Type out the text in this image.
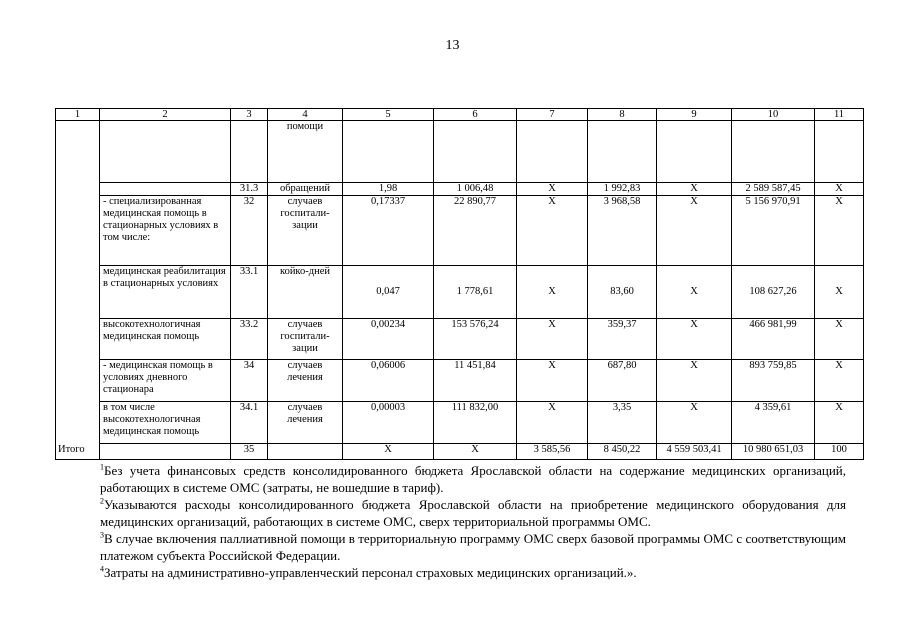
13
1	2	3	4	5	6	7	8	9	10	11
			помощи							
		31.3	обращений	1,98	1 006,48	X	1 992,83	X	2 589 587,45	X
	- специализированная медицинская помощь в стационарных условиях в том числе:	32	случаев госпитали-зации	0,17337	22 890,77	X	3 968,58	X	5 156 970,91	X
	медицинская реабилитация в стационарных условиях	33.1	койко-дней	0,047	1 778,61	X	83,60	X	108 627,26	X
	высокотехнологичная медицинская помощь	33.2	случаев госпитали-зации	0,00234	153 576,24	X	359,37	X	466 981,99	X
	- медицинская помощь в условиях дневного стационара	34	случаев лечения	0,06006	11 451,84	X	687,80	X	893 759,85	X
	в том числе высокотехнологичная медицинская помощь	34.1	случаев лечения	0,00003	111 832,00	X	3,35	X	4 359,61	X

	Итого	35		X	X	3 585,56	8 450,22	4 559 503,41	10 980 651,03	100
$^1$Без учета финансовых средств консолидированного бюджета Ярославской области на содержание медицинских организаций, работающих в системе ОМС (затраты, не вошедшие в тариф).
$^2$Указываются расходы консолидированного бюджета Ярославской области на приобретение медицинского оборудования для медицинских организаций, работающих в системе ОМС, сверх территориальной программы ОМС.
$^3$В случае включения паллиативной помощи в территориальную программу ОМС сверх базовой программы ОМС с соответствующим платежом субъекта Российской Федерации.
$^4$Затраты на административно-управленческий персонал страховых медицинских организаций.».
